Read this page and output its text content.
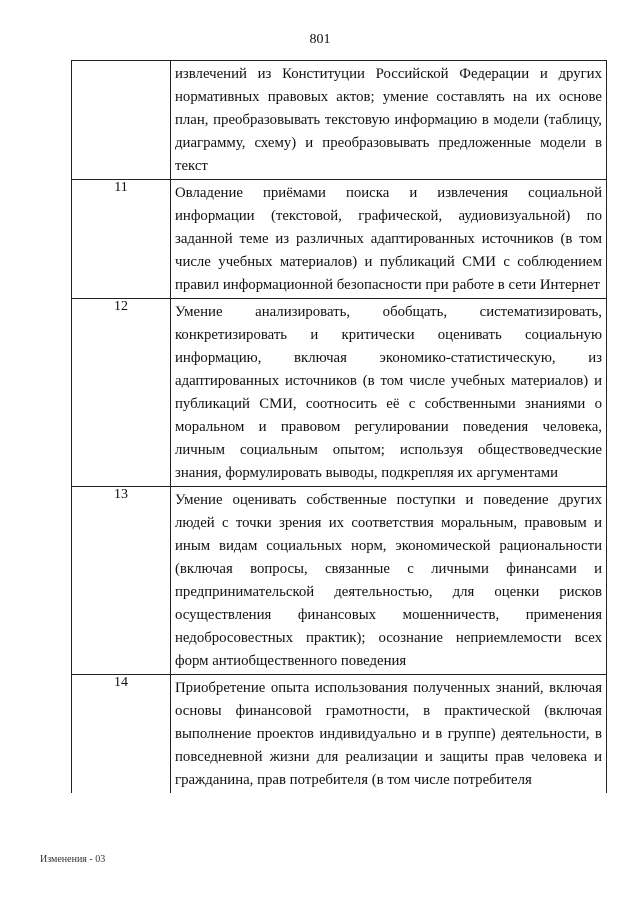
801
	извлечений из Конституции Российской Федерации и других нормативных правовых актов; умение составлять на их основе план, преобразовывать текстовую информацию в модели (таблицу, диаграмму, схему) и преобразовывать предложенные модели в текст
11	Овладение приёмами поиска и извлечения социальной информации (текстовой, графической, аудиовизуальной) по заданной теме из различных адаптированных источников (в том числе учебных материалов) и публикаций СМИ с соблюдением правил информационной безопасности при работе в сети Интернет
12	Умение анализировать, обобщать, систематизировать, конкретизировать и критически оценивать социальную информацию, включая экономико-статистическую, из адаптированных источников (в том числе учебных материалов) и публикаций СМИ, соотносить её с собственными знаниями о моральном и правовом регулировании поведения человека, личным социальным опытом; используя обществоведческие знания, формулировать выводы, подкрепляя их аргументами
13	Умение оценивать собственные поступки и поведение других людей с точки зрения их соответствия моральным, правовым и иным видам социальных норм, экономической рациональности (включая вопросы, связанные с личными финансами и предпринимательской деятельностью, для оценки рисков осуществления финансовых мошенничеств, применения недобросовестных практик); осознание неприемлемости всех форм антиобщественного поведения
14	Приобретение опыта использования полученных знаний, включая основы финансовой грамотности, в практической (включая выполнение проектов индивидуально и в группе) деятельности, в повседневной жизни для реализации и защиты прав человека и гражданина, прав потребителя (в том числе потребителя
Изменения - 03
